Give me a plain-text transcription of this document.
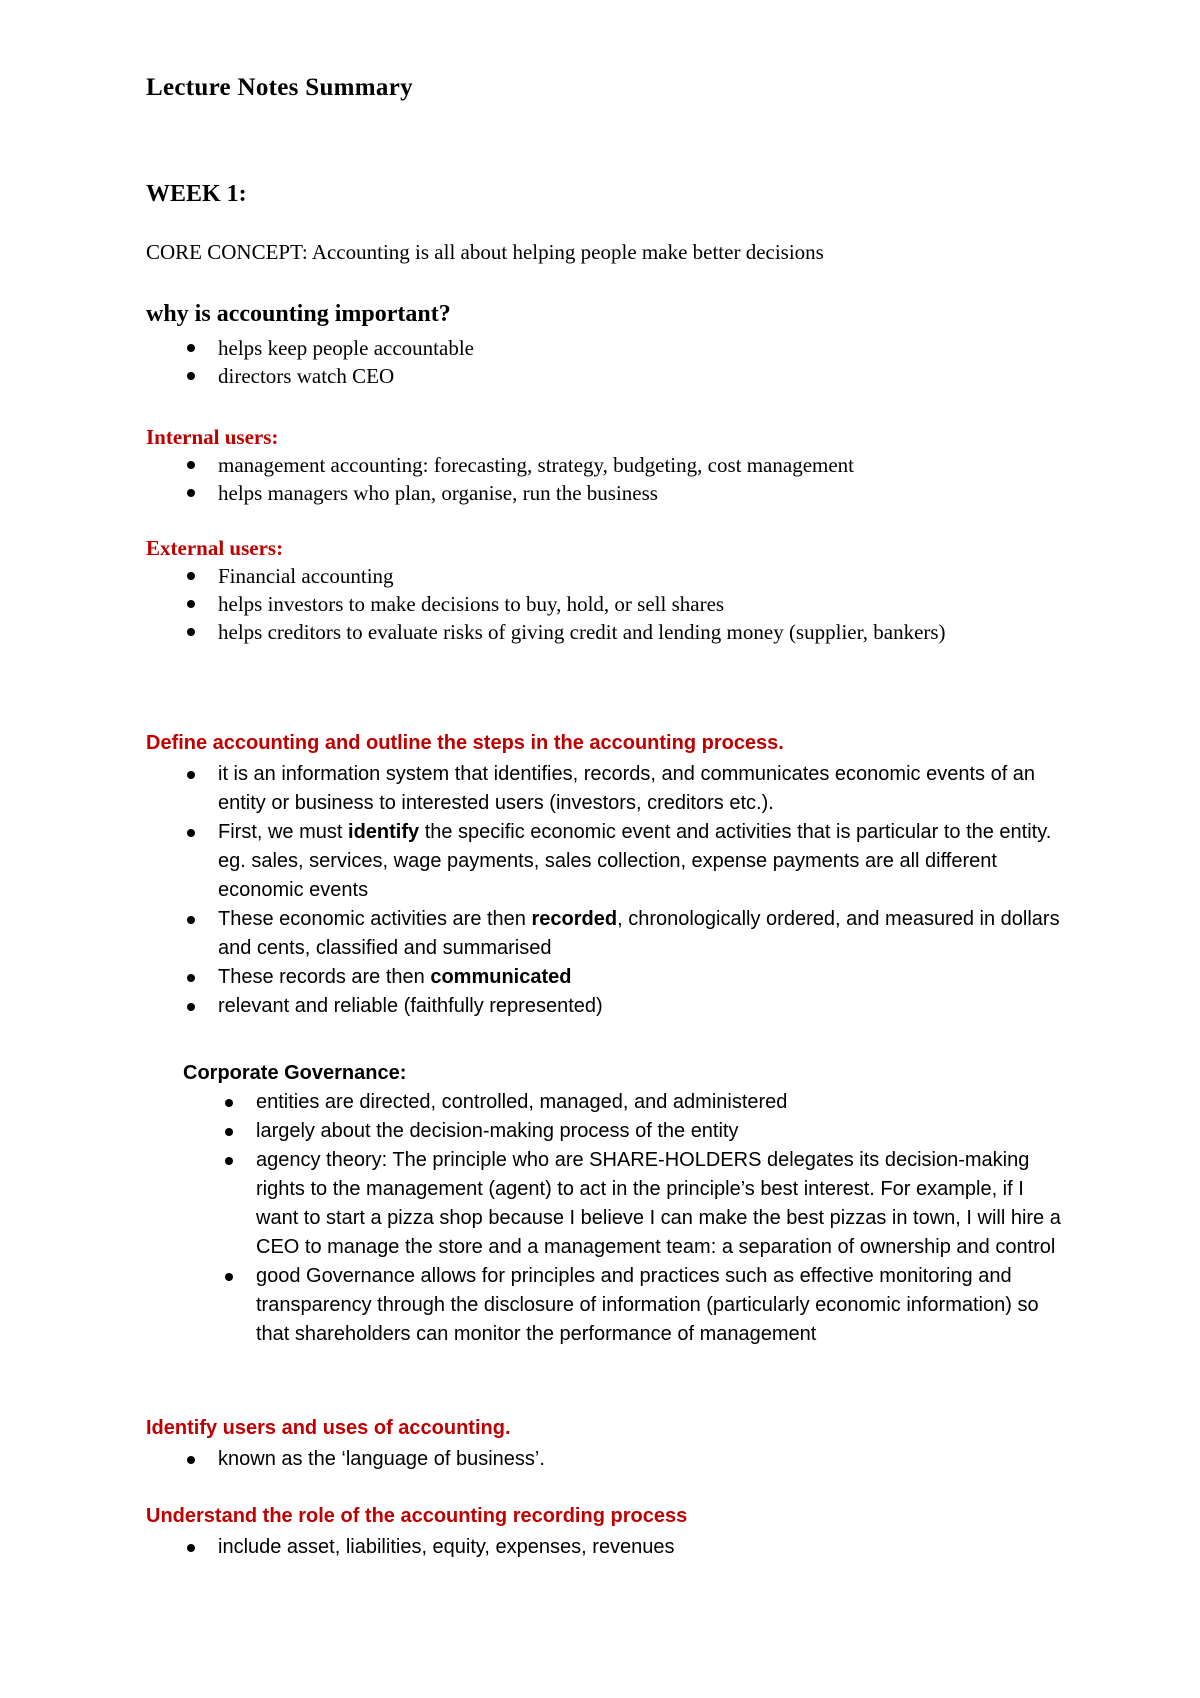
Lecture Notes Summary
WEEK 1:
CORE CONCEPT: Accounting is all about helping people make better decisions
why is accounting important?
helps keep people accountable
directors watch CEO
Internal users:
management accounting: forecasting, strategy, budgeting, cost management
helps managers who plan, organise, run the business
External users:
Financial accounting
helps investors to make decisions to buy, hold, or sell shares
helps creditors to evaluate risks of giving credit and lending money (supplier, bankers)
Define accounting and outline the steps in the accounting process.
it is an information system that identifies, records, and communicates economic events of an entity or business to interested users (investors, creditors etc.).
First, we must identify the specific economic event and activities that is particular to the entity. eg. sales, services, wage payments, sales collection, expense payments are all different economic events
These economic activities are then recorded, chronologically ordered, and measured in dollars and cents, classified and summarised
These records are then communicated
relevant and reliable (faithfully represented)
Corporate Governance:
entities are directed, controlled, managed, and administered
largely about the decision-making process of the entity
agency theory: The principle who are SHARE-HOLDERS delegates its decision-making rights to the management (agent) to act in the principle’s best interest. For example, if I want to start a pizza shop because I believe I can make the best pizzas in town, I will hire a CEO to manage the store and a management team: a separation of ownership and control
good Governance allows for principles and practices such as effective monitoring and transparency through the disclosure of information (particularly economic information) so that shareholders can monitor the performance of management
Identify users and uses of accounting.
known as the ‘language of business’.
Understand the role of the accounting recording process
include asset, liabilities, equity, expenses, revenues
